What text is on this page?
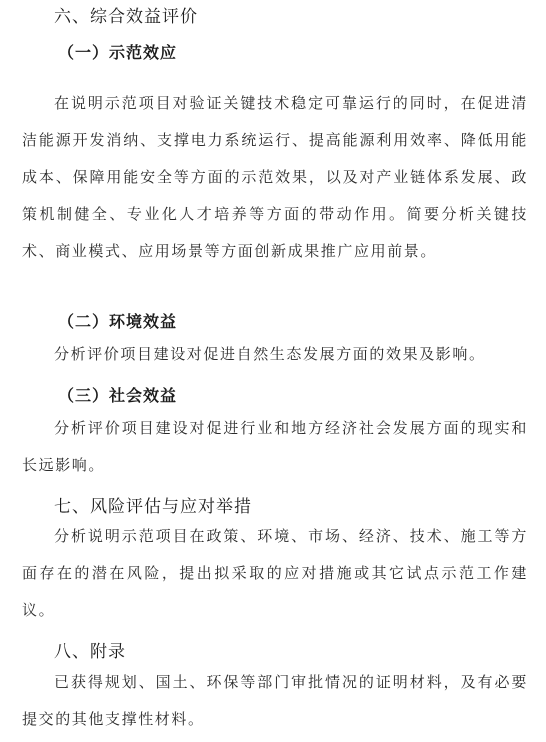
六、综合效益评价
（一）示范效应

在说明示范项目对验证关键技术稳定可靠运行的同时，在促进清洁能源开发消纳、支撑电力系统运行、提高能源利用效率、降低用能成本、保障用能安全等方面的示范效果，以及对产业链体系发展、政策机制健全、专业化人才培养等方面的带动作用。简要分析关键技术、商业模式、应用场景等方面创新成果推广应用前景。

（二）环境效益

分析评价项目建设对促进自然生态发展方面的效果及影响。

（三）社会效益

分析评价项目建设对促进行业和地方经济社会发展方面的现实和长远影响。

七、风险评估与应对举措

分析说明示范项目在政策、环境、市场、经济、技术、施工等方面存在的潜在风险，提出拟采取的应对措施或其它试点示范工作建议。

八、附录

已获得规划、国土、环保等部门审批情况的证明材料，及有必要提交的其他支撑性材料。
